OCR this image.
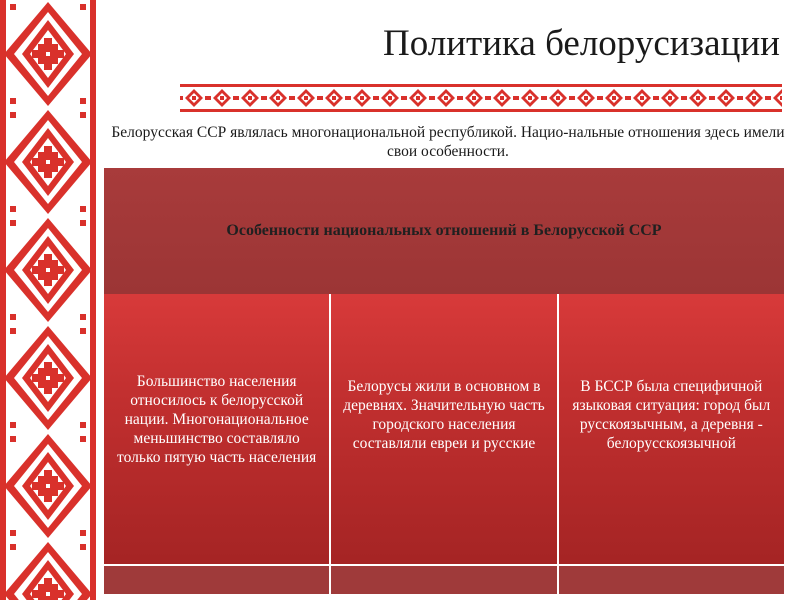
Политика белорусизации
Белорусская ССР являлась многонациональной республикой. Нацио-нальные отношения здесь имели свои особенности.
Особенности национальных отношений в Белорусской ССР
Большинство населения относилось к белорусской нации. Многонациональное меньшинство составляло только пятую часть населения
Белорусы жили в основном в деревнях. Значительную часть городского населения составляли евреи и русские
В БССР была специфичной языковая ситуация: город был русскоязычным, а деревня - белорусскоязычной
